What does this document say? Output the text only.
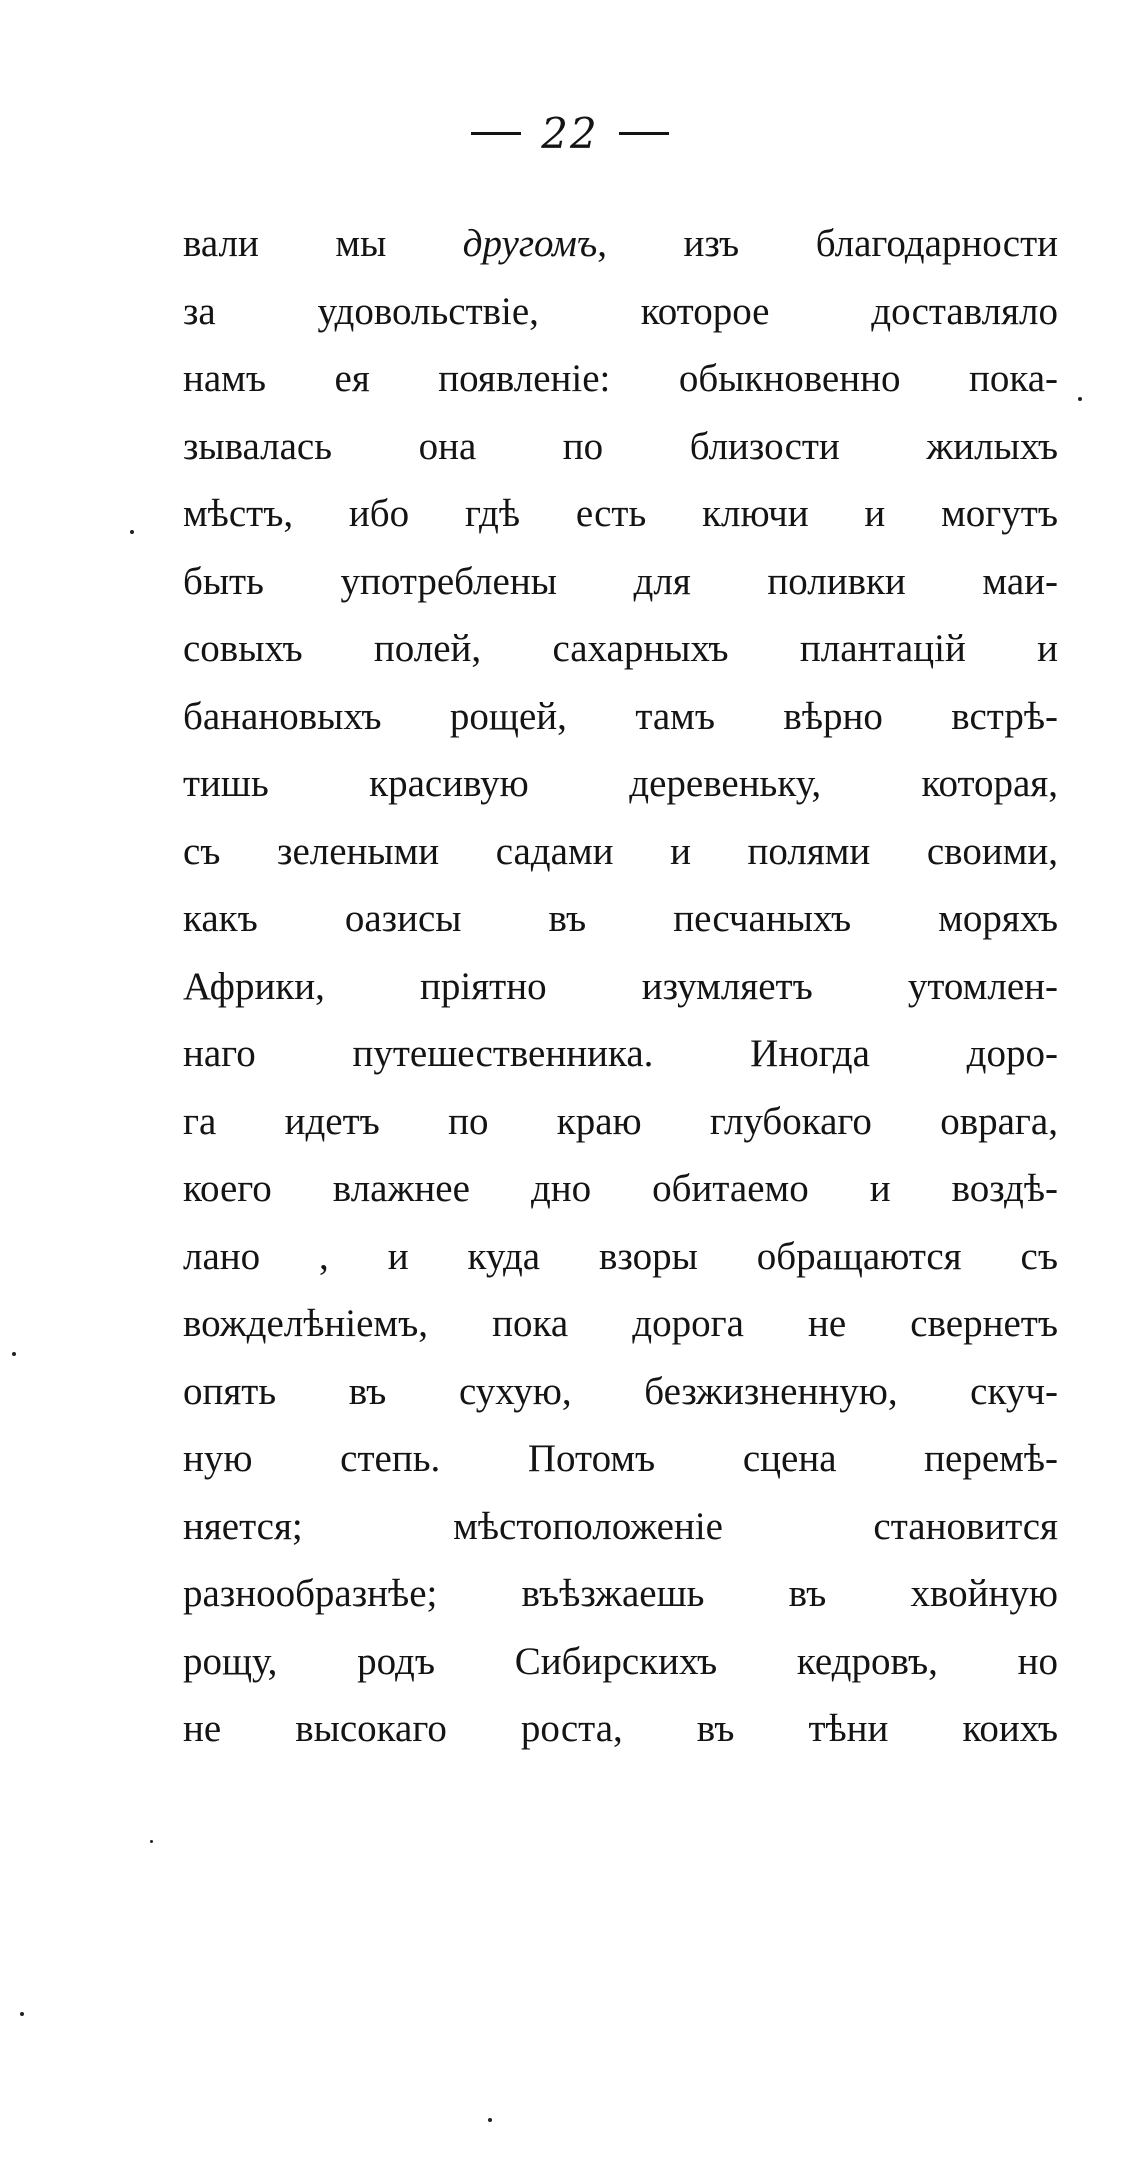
22
вали мы другомъ, изъ благодарности
за удовольствіе, которое доставляло
намъ ея появленіе: обыкновенно пока-
зывалась она по близости жилыхъ
мѣстъ, ибо гдѣ есть ключи и могутъ
быть употреблены для поливки маи-
совыхъ полей, сахарныхъ плантацій и
банановыхъ рощей, тамъ вѣрно встрѣ-
тишь красивую деревеньку, которая,
съ зелеными садами и полями своими,
какъ оазисы въ песчаныхъ моряхъ
Африки, пріятно изумляетъ утомлен-
наго путешественника. Иногда доро-
га идетъ по краю глубокаго оврага,
коего влажнее дно обитаемо и воздѣ-
лано , и куда взоры обращаются съ
вожделѣніемъ, пока дорога не свернетъ
опять въ сухую, безжизненную, скуч-
ную степь. Потомъ сцена перемѣ-
няется; мѣстоположеніе становится
разнообразнѣе; въѣзжаешь въ хвойную
рощу, родъ Сибирскихъ кедровъ, но
не высокаго роста, въ тѣни коихъ
